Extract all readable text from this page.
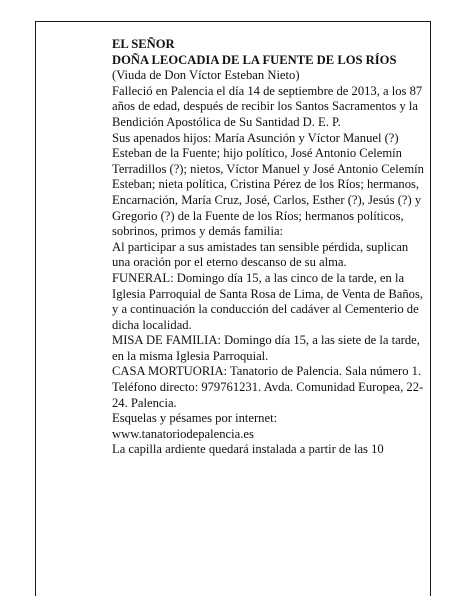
EL SEÑOR

DOÑA LEOCADIA DE LA FUENTE DE LOS RÍOS

(Viuda de Don Víctor Esteban Nieto)

Falleció en Palencia el día 14 de septiembre de 2013, a los 87 años de edad, después de recibir los Santos Sacramentos y la Bendición Apostólica de Su Santidad D. E. P.

Sus apenados hijos: María Asunción y Víctor Manuel (?) Esteban de la Fuente; hijo político, José Antonio Celemín Terradillos (?); nietos, Víctor Manuel y José Antonio Celemín Esteban; nieta política, Cristina Pérez de los Ríos; hermanos, Encarnación, María Cruz, José, Carlos, Esther (?), Jesús (?) y Gregorio (?) de la Fuente de los Ríos; hermanos políticos, sobrinos, primos y demás familia:

Al participar a sus amistades tan sensible pérdida, suplican una oración por el eterno descanso de su alma.

FUNERAL: Domingo día 15, a las cinco de la tarde, en la Iglesia Parroquial de Santa Rosa de Lima, de Venta de Baños, y a continuación la conducción del cadáver al Cementerio de dicha localidad.

MISA DE FAMILIA: Domingo día 15, a las siete de la tarde, en la misma Iglesia Parroquial.

CASA MORTUORIA: Tanatorio de Palencia. Sala número 1. Teléfono directo: 979761231. Avda. Comunidad Europea, 22-24. Palencia.

Esquelas y pésames por internet:

www.tanatoriodepalencia.es

La capilla ardiente quedará instalada a partir de las 10
